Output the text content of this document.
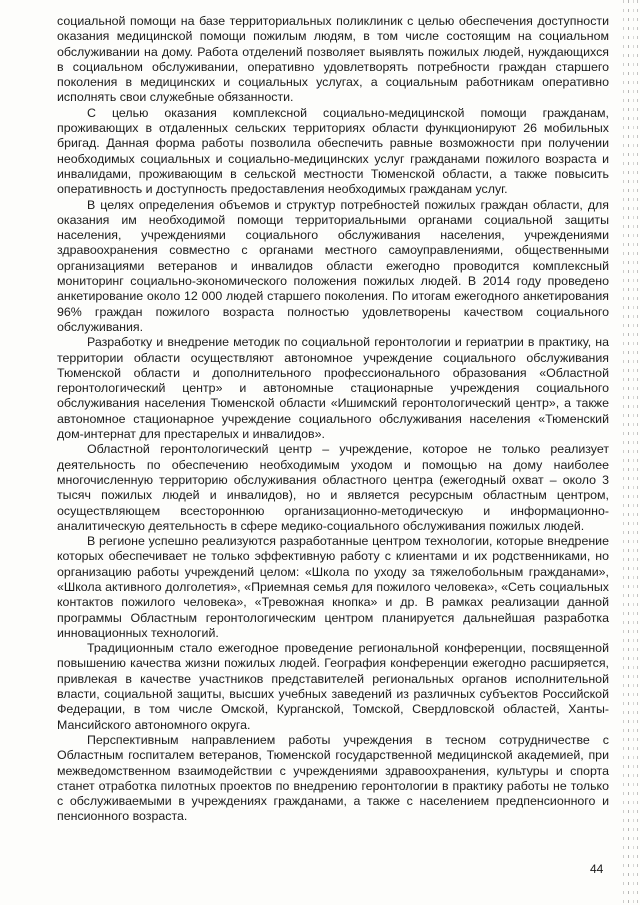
социальной помощи на базе территориальных поликлиник с целью обеспечения доступности оказания медицинской помощи пожилым людям, в том числе состоящим на социальном обслуживании на дому. Работа отделений позволяет выявлять пожилых людей, нуждающихся в социальном обслуживании, оперативно удовлетворять потребности граждан старшего поколения в медицинских и социальных услугах, а социальным работникам оперативно исполнять свои служебные обязанности.

С целью оказания комплексной социально-медицинской помощи гражданам, проживающих в отдаленных сельских территориях области функционируют 26 мобильных бригад. Данная форма работы позволила обеспечить равные возможности при получении необходимых социальных и социально-медицинских услуг гражданами пожилого возраста и инвалидами, проживающим в сельской местности Тюменской области, а также повысить оперативность и доступность предоставления необходимых гражданам услуг.

В целях определения объемов и структур потребностей пожилых граждан области, для оказания им необходимой помощи территориальными органами социальной защиты населения, учреждениями социального обслуживания населения, учреждениями здравоохранения совместно с органами местного самоуправлениями, общественными организациями ветеранов и инвалидов области ежегодно проводится комплексный мониторинг социально-экономического положения пожилых людей. В 2014 году проведено анкетирование около 12 000 людей старшего поколения. По итогам ежегодного анкетирования 96% граждан пожилого возраста полностью удовлетворены качеством социального обслуживания.

Разработку и внедрение методик по социальной геронтологии и гериатрии в практику, на территории области осуществляют автономное учреждение социального обслуживания Тюменской области и дополнительного профессионального образования «Областной геронтологический центр» и автономные стационарные учреждения социального обслуживания населения Тюменской области «Ишимский геронтологический центр», а также автономное стационарное учреждение социального обслуживания населения «Тюменский дом-интернат для престарелых и инвалидов».

Областной геронтологический центр – учреждение, которое не только реализует деятельность по обеспечению необходимым уходом и помощью на дому наиболее многочисленную территорию обслуживания областного центра (ежегодный охват – около 3 тысяч пожилых людей и инвалидов), но и является ресурсным областным центром, осуществляющем всестороннюю организационно-методическую и информационно-аналитическую деятельность в сфере медико-социального обслуживания пожилых людей.

В регионе успешно реализуются разработанные центром технологии, которые внедрение которых обеспечивает не только эффективную работу с клиентами и их родственниками, но организацию работы учреждений целом: «Школа по уходу за тяжелобольным гражданами», «Школа активного долголетия», «Приемная семья для пожилого человека», «Сеть социальных контактов пожилого человека», «Тревожная кнопка» и др. В рамках реализации данной программы Областным геронтологическим центром планируется дальнейшая разработка инновационных технологий.

Традиционным стало ежегодное проведение региональной конференции, посвященной повышению качества жизни пожилых людей. География конференции ежегодно расширяется, привлекая в качестве участников представителей региональных органов исполнительной власти, социальной защиты, высших учебных заведений из различных субъектов Российской Федерации, в том числе Омской, Курганской, Томской, Свердловской областей, Ханты-Мансийского автономного округа.

Перспективным направлением работы учреждения в тесном сотрудничестве с Областным госпиталем ветеранов, Тюменской государственной медицинской академией, при межведомственном взаимодействии с учреждениями здравоохранения, культуры и спорта станет отработка пилотных проектов по внедрению геронтологии в практику работы не только с обслуживаемыми в учреждениях гражданами, а также с населением предпенсионного и пенсионного возраста.

44
